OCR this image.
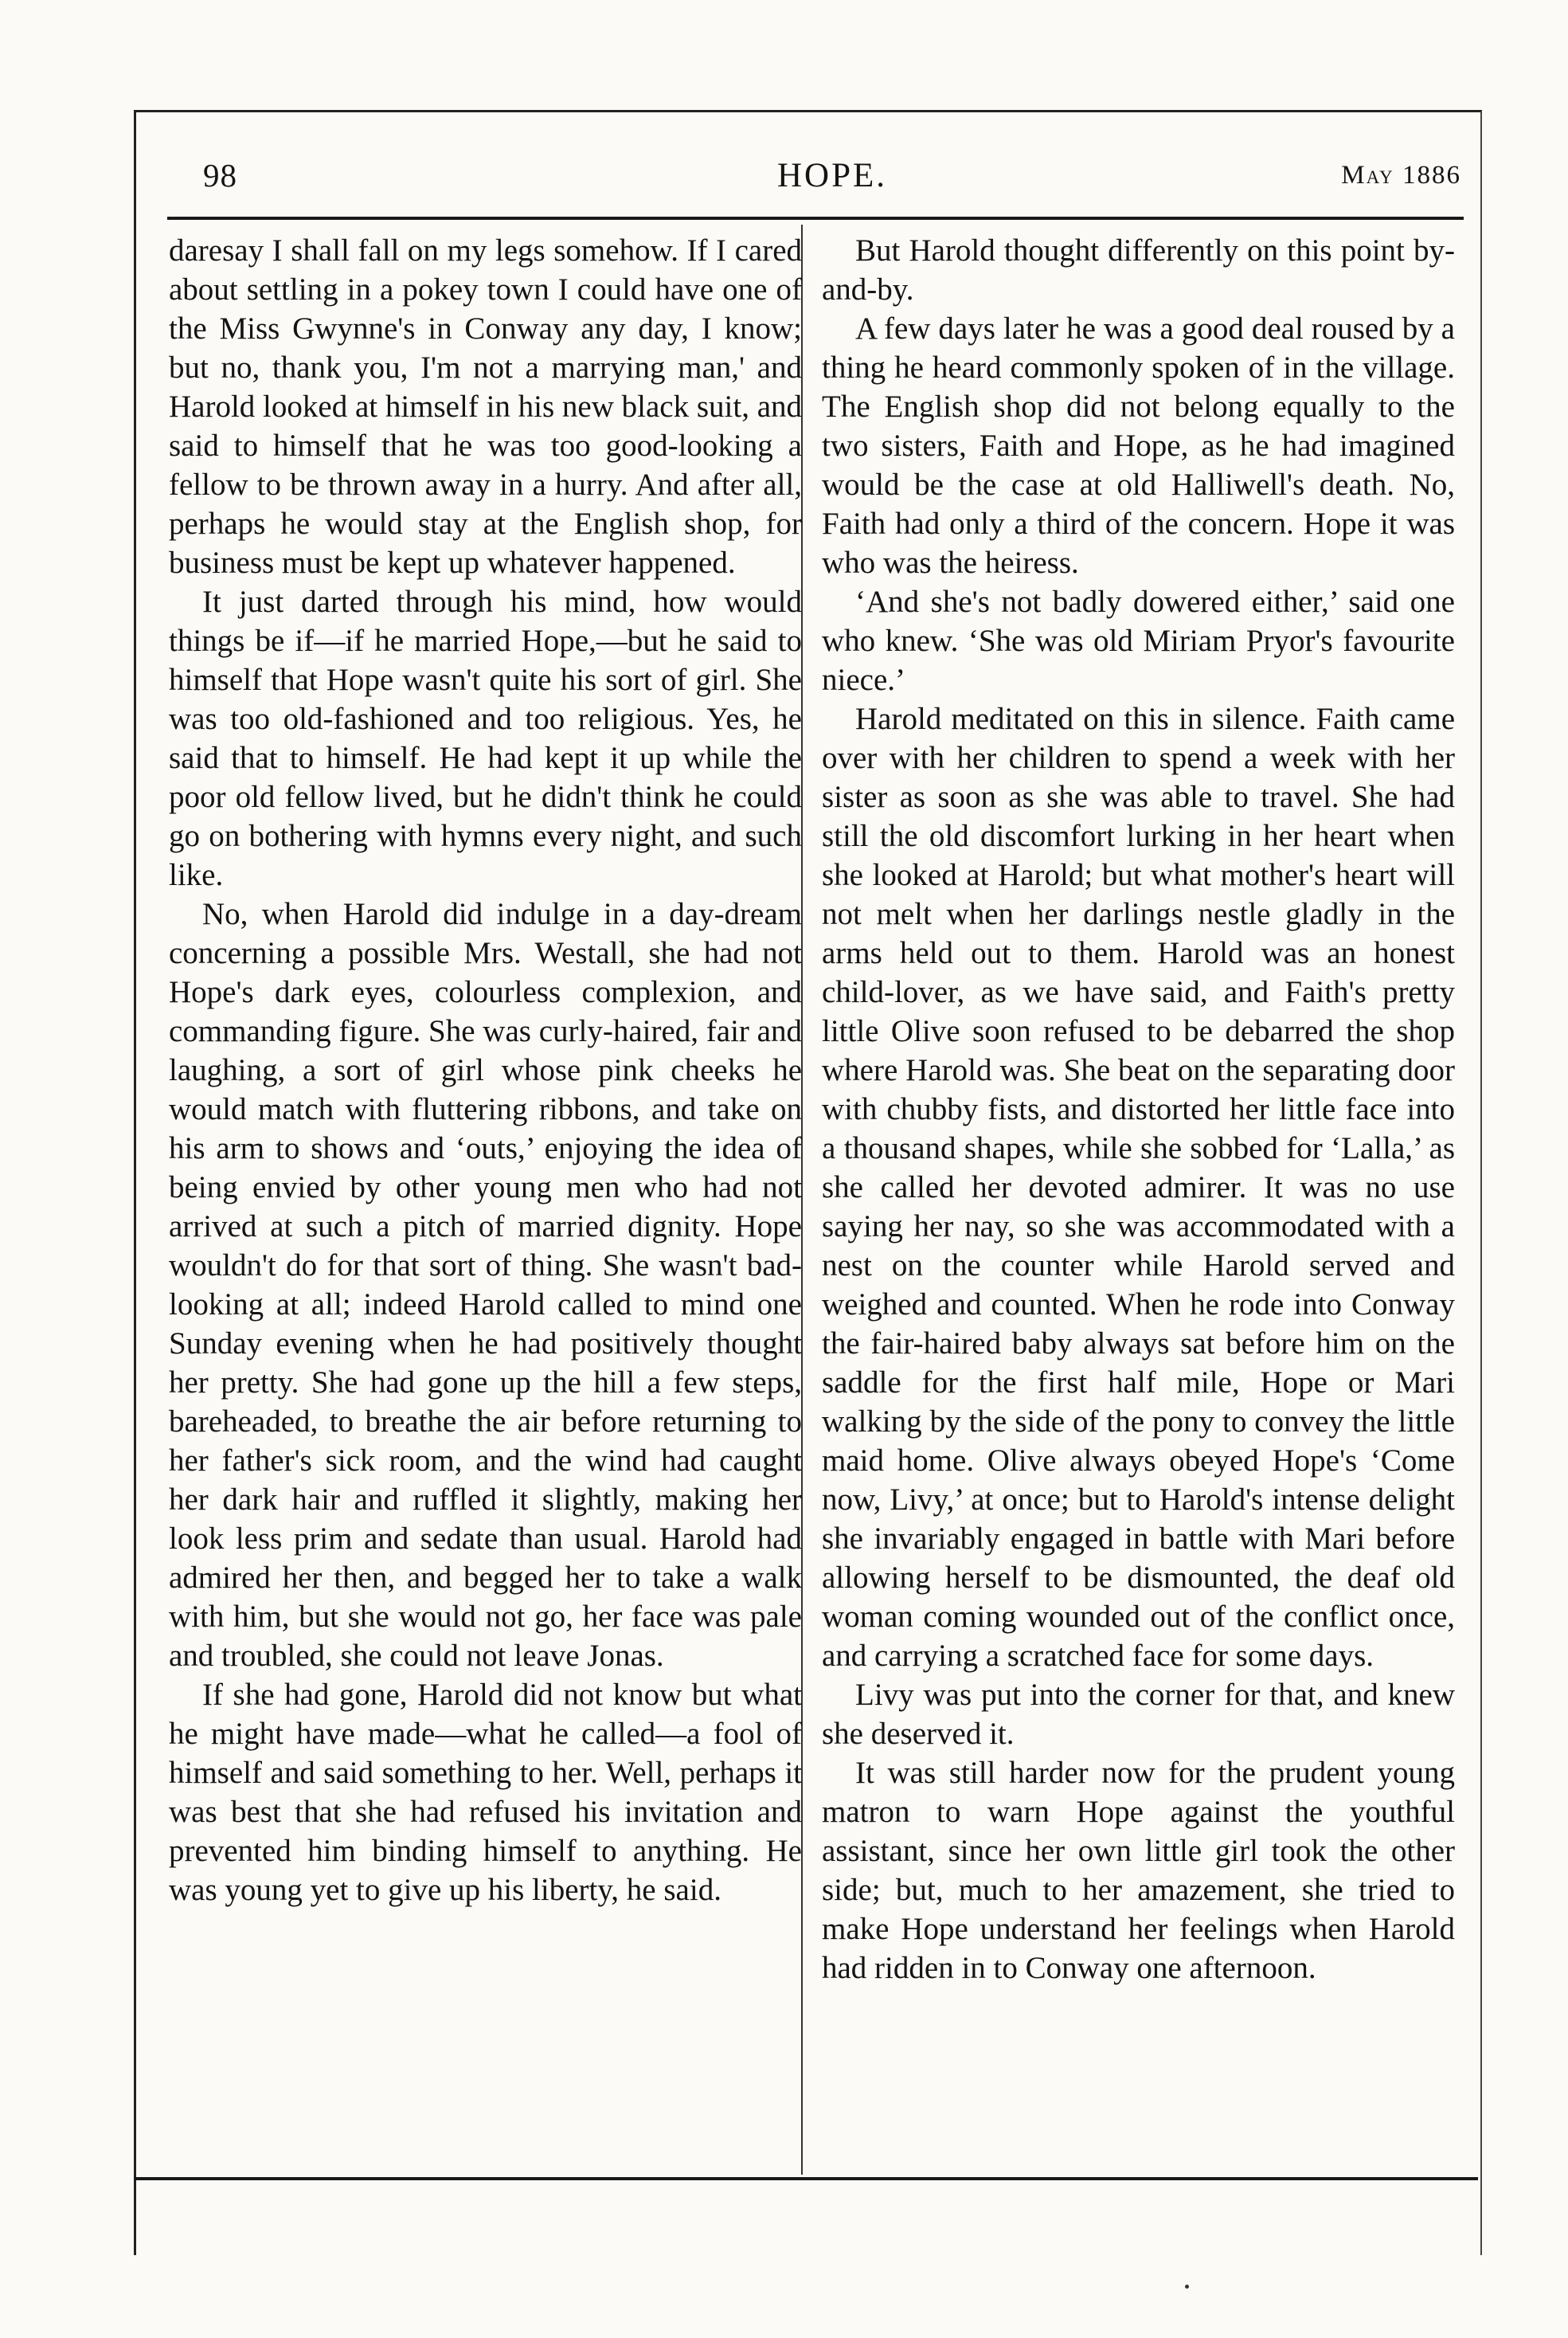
HOPE.
98	May 1886

daresay I shall fall on my legs somehow. If I cared about settling in a pokey town I could have one of the Miss Gwynne's in Conway any day, I know; but no, thank you, I'm not a marrying man,' and Harold looked at himself in his new black suit, and said to himself that he was too good-looking a fellow to be thrown away in a hurry. And after all, perhaps he would stay at the English shop, for business must be kept up whatever happened.

It just darted through his mind, how would things be if—if he married Hope,—but he said to himself that Hope wasn't quite his sort of girl. She was too old-fashioned and too religious. Yes, he said that to himself. He had kept it up while the poor old fellow lived, but he didn't think he could go on bothering with hymns every night, and such like.

No, when Harold did indulge in a day-dream concerning a possible Mrs. Westall, she had not Hope's dark eyes, colourless complexion, and commanding figure. She was curly-haired, fair and laughing, a sort of girl whose pink cheeks he would match with fluttering ribbons, and take on his arm to shows and ‘outs,’ enjoying the idea of being envied by other young men who had not arrived at such a pitch of married dignity. Hope wouldn't do for that sort of thing. She wasn't bad-looking at all; indeed Harold called to mind one Sunday evening when he had positively thought her pretty. She had gone up the hill a few steps, bareheaded, to breathe the air before returning to her father's sick room, and the wind had caught her dark hair and ruffled it slightly, making her look less prim and sedate than usual. Harold had admired her then, and begged her to take a walk with him, but she would not go, her face was pale and troubled, she could not leave Jonas.

If she had gone, Harold did not know but what he might have made—what he called—a fool of himself and said something to her. Well, perhaps it was best that she had refused his invitation and prevented him binding himself to anything. He was young yet to give up his liberty, he said.

But Harold thought differently on this point by-and-by.

A few days later he was a good deal roused by a thing he heard commonly spoken of in the village. The English shop did not belong equally to the two sisters, Faith and Hope, as he had imagined would be the case at old Halliwell's death. No, Faith had only a third of the concern. Hope it was who was the heiress.

‘And she's not badly dowered either,’ said one who knew. ‘She was old Miriam Pryor's favourite niece.’

Harold meditated on this in silence. Faith came over with her children to spend a week with her sister as soon as she was able to travel. She had still the old discomfort lurking in her heart when she looked at Harold; but what mother's heart will not melt when her darlings nestle gladly in the arms held out to them. Harold was an honest child-lover, as we have said, and Faith's pretty little Olive soon refused to be debarred the shop where Harold was. She beat on the separating door with chubby fists, and distorted her little face into a thousand shapes, while she sobbed for ‘Lalla,’ as she called her devoted admirer. It was no use saying her nay, so she was accommodated with a nest on the counter while Harold served and weighed and counted. When he rode into Conway the fair-haired baby always sat before him on the saddle for the first half mile, Hope or Mari walking by the side of the pony to convey the little maid home. Olive always obeyed Hope's ‘Come now, Livy,’ at once; but to Harold's intense delight she invariably engaged in battle with Mari before allowing herself to be dismounted, the deaf old woman coming wounded out of the conflict once, and carrying a scratched face for some days.

Livy was put into the corner for that, and knew she deserved it.

It was still harder now for the prudent young matron to warn Hope against the youthful assistant, since her own little girl took the other side; but, much to her amazement, she tried to make Hope understand her feelings when Harold had ridden in to Conway one afternoon.
